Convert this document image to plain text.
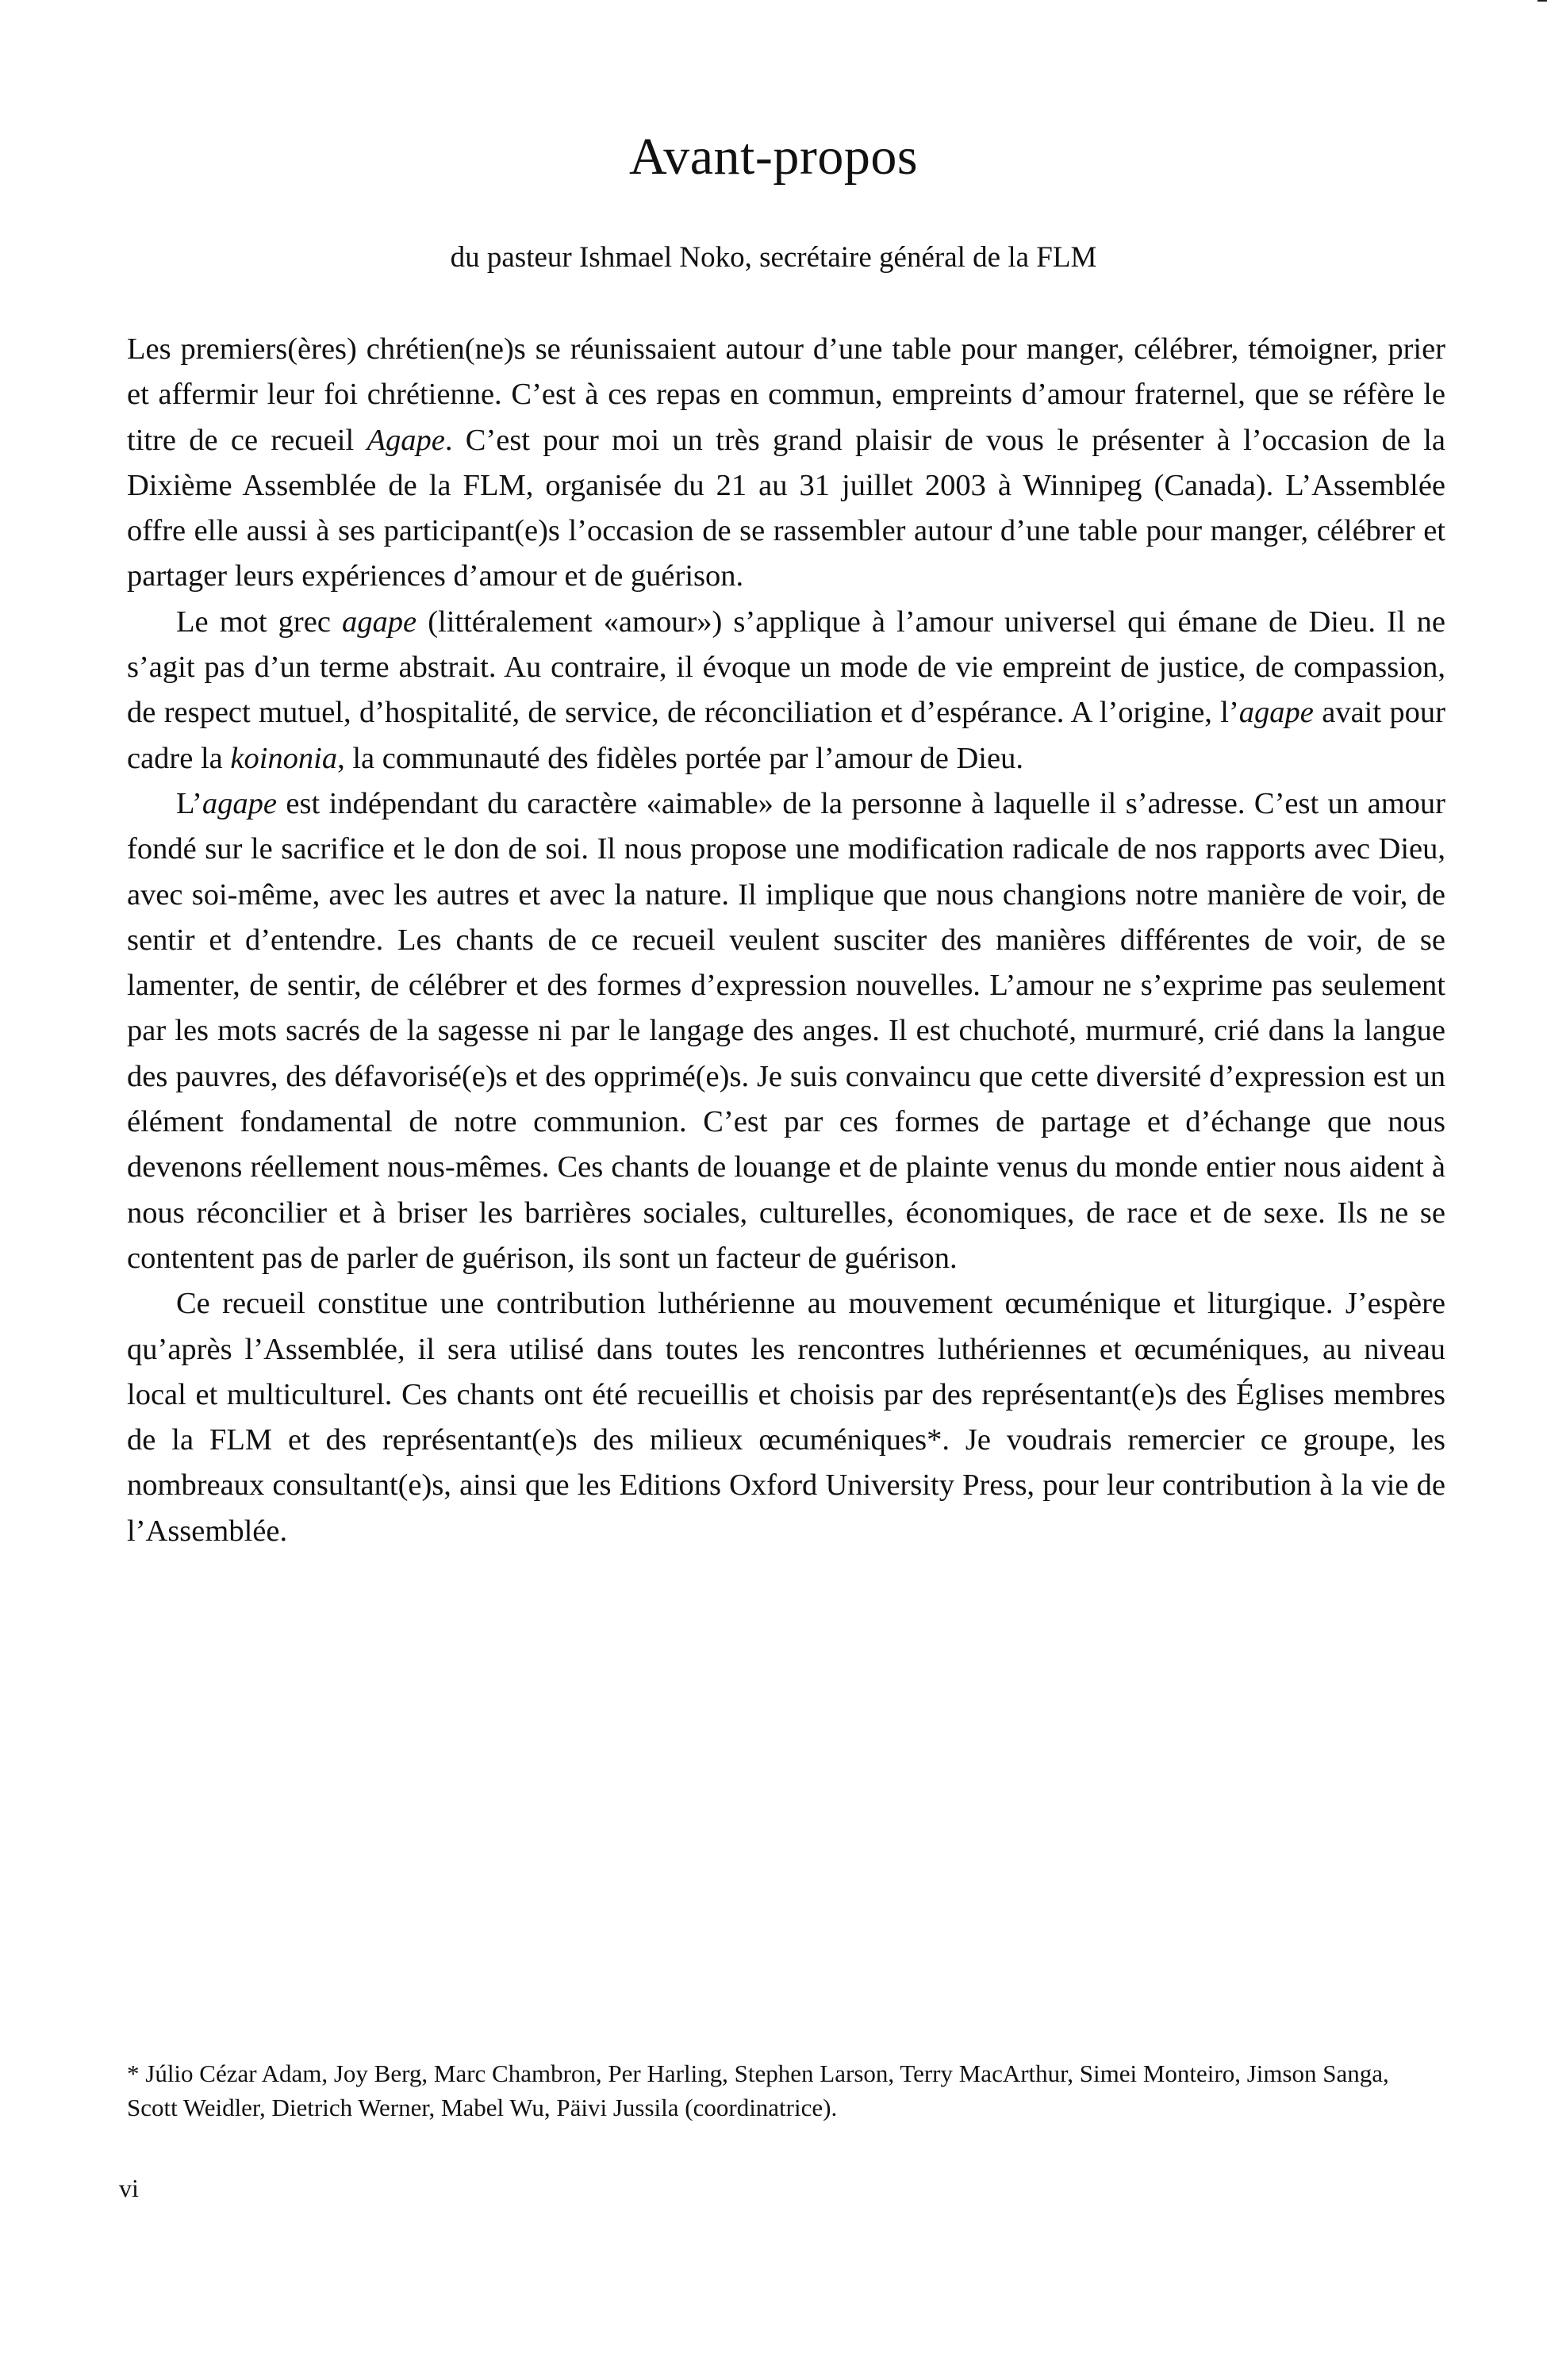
Avant-propos

du pasteur Ishmael Noko, secrétaire général de la FLM

Les premiers(ères) chrétien(ne)s se réunissaient autour d’une table pour manger, célébrer, témoigner, prier et affermir leur foi chrétienne. C’est à ces repas en commun, empreints d’amour fraternel, que se réfère le titre de ce recueil Agape. C’est pour moi un très grand plaisir de vous le présenter à l’occasion de la Dixième Assemblée de la FLM, organisée du 21 au 31 juillet 2003 à Winnipeg (Canada). L’Assemblée offre elle aussi à ses participant(e)s l’occasion de se rassembler autour d’une table pour manger, célébrer et partager leurs expériences d’amour et de guérison.

Le mot grec agape (littéralement «amour») s’applique à l’amour universel qui émane de Dieu. Il ne s’agit pas d’un terme abstrait. Au contraire, il évoque un mode de vie empreint de justice, de compassion, de respect mutuel, d’hospitalité, de service, de réconciliation et d’espérance. A l’origine, l’agape avait pour cadre la koinonia, la communauté des fidèles portée par l’amour de Dieu.

L’agape est indépendant du caractère «aimable» de la personne à laquelle il s’adresse. C’est un amour fondé sur le sacrifice et le don de soi. Il nous propose une modification radicale de nos rapports avec Dieu, avec soi-même, avec les autres et avec la nature. Il implique que nous changions notre manière de voir, de sentir et d’entendre. Les chants de ce recueil veulent susciter des manières différentes de voir, de se lamenter, de sentir, de célébrer et des formes d’expression nouvelles. L’amour ne s’exprime pas seulement par les mots sacrés de la sagesse ni par le langage des anges. Il est chuchoté, murmuré, crié dans la langue des pauvres, des défavorisé(e)s et des opprimé(e)s. Je suis convaincu que cette diversité d’expression est un élément fondamental de notre communion. C’est par ces formes de partage et d’échange que nous devenons réellement nous-mêmes. Ces chants de louange et de plainte venus du monde entier nous aident à nous réconcilier et à briser les barrières sociales, culturelles, économiques, de race et de sexe. Ils ne se contentent pas de parler de guérison, ils sont un facteur de guérison.

Ce recueil constitue une contribution luthérienne au mouvement œcuménique et liturgique. J’espère qu’après l’Assemblée, il sera utilisé dans toutes les rencontres luthériennes et œcuméniques, au niveau local et multiculturel. Ces chants ont été recueillis et choisis par des représentant(e)s des Églises membres de la FLM et des représentant(e)s des milieux œcuméniques*. Je voudrais remercier ce groupe, les nombreaux consultant(e)s, ainsi que les Editions Oxford University Press, pour leur contribution à la vie de l’Assemblée.

* Júlio Cézar Adam, Joy Berg, Marc Chambron, Per Harling, Stephen Larson, Terry MacArthur, Simei Monteiro, Jimson Sanga, Scott Weidler, Dietrich Werner, Mabel Wu, Päivi Jussila (coordinatrice).

vi
